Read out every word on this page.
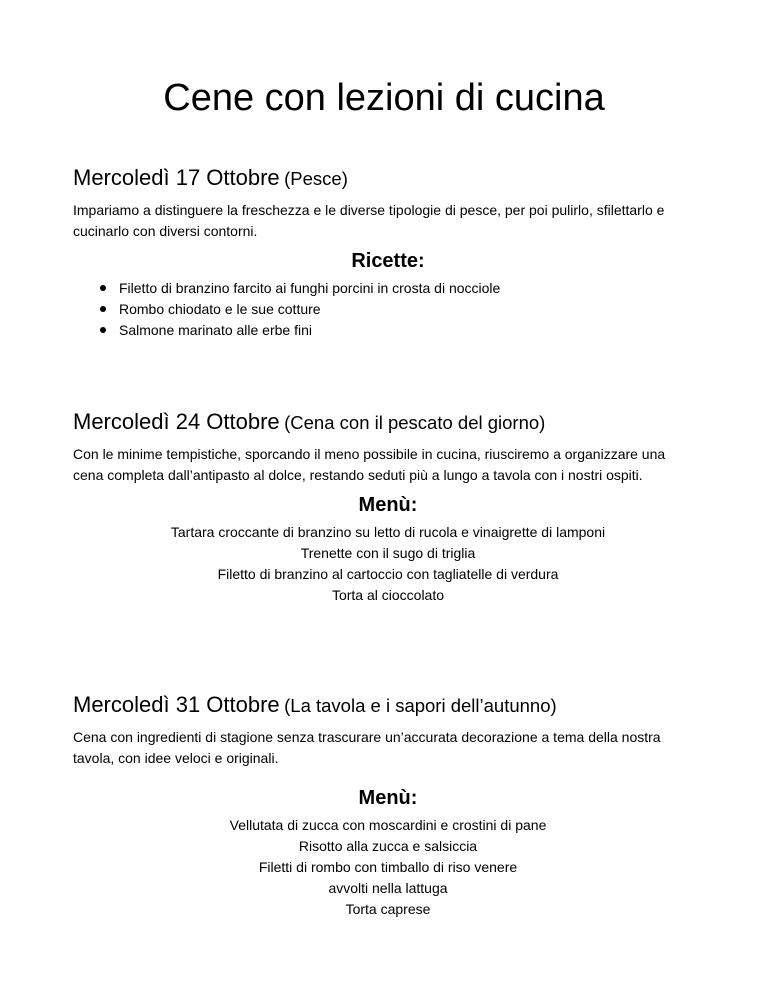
Cene con lezioni di cucina

Mercoledì 17 Ottobre (Pesce)

Impariamo a distinguere la freschezza e le diverse tipologie di pesce, per poi pulirlo, sfilettarlo e cucinarlo con diversi contorni.

Ricette:
Filetto di branzino farcito ai funghi porcini in crosta di nocciole
Rombo chiodato e le sue cotture
Salmone marinato alle erbe fini

Mercoledì 24 Ottobre (Cena con il pescato del giorno)

Con le minime tempistiche, sporcando il meno possibile in cucina, riusciremo a organizzare una cena completa dall’antipasto al dolce, restando seduti più a lungo a tavola con i nostri ospiti.

Menù:
Tartara croccante di branzino su letto di rucola e vinaigrette di lamponi
Trenette con il sugo di triglia
Filetto di branzino al cartoccio con tagliatelle di verdura
Torta al cioccolato

Mercoledì 31 Ottobre (La tavola e i sapori dell’autunno)

Cena con ingredienti di stagione senza trascurare un’accurata decorazione a tema della nostra tavola, con idee veloci e originali.

Menù:
Vellutata di zucca con moscardini e crostini di pane
Risotto alla zucca e salsiccia
Filetti di rombo con timballo di riso venere
avvolti nella lattuga
Torta caprese
